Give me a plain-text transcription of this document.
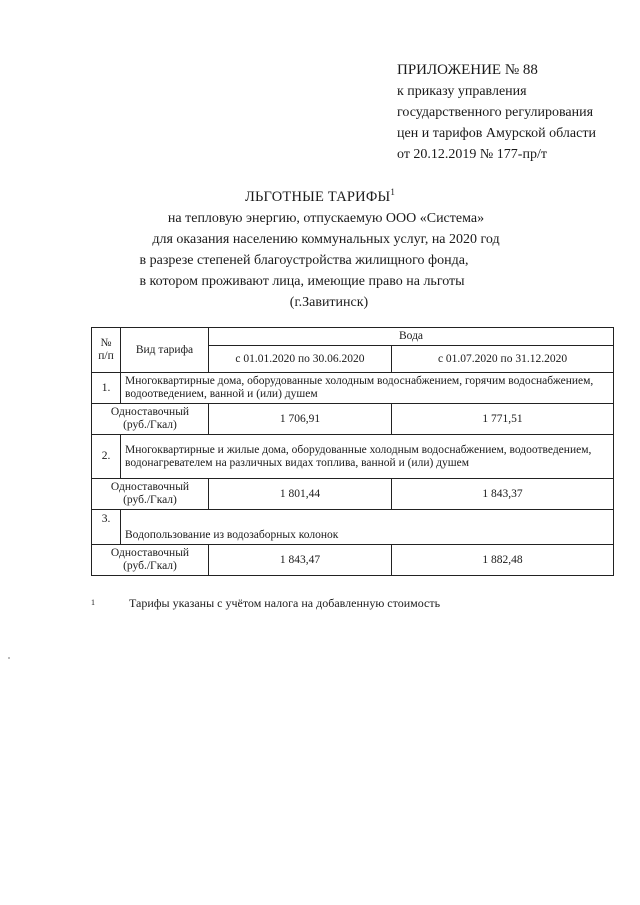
ПРИЛОЖЕНИЕ № 88
к приказу управления
государственного регулирования
цен и тарифов Амурской области
от 20.12.2019 № 177-пр/т
ЛЬГОТНЫЕ ТАРИФЫ$^1$
на тепловую энергию, отпускаемую ООО «Система»
для оказания населению коммунальных услуг, на 2020 год
в разрезе степеней благоустройства жилищного фонда,
в котором проживают лица, имеющие право на льготы
(г.Завитинск)
№ п/п	Вид тарифа	Вода	
		с 01.01.2020 по 30.06.2020	с 01.07.2020 по 31.12.2020
1.	Многоквартирные дома, оборудованные холодным водоснабжением, горячим водоснабжением, водоотведением, ванной и (или) душем		
Одноставочный
(руб./Гкал)		1 706,91	1 771,51
2.	Многоквартирные и жилые дома, оборудованные холодным водоснабжением, водоотведением, водонагревателем на различных видах топлива, ванной и (или) душем		
Одноставочный
(руб./Гкал)		1 801,44	1 843,37
3.	Водопользование из водозаборных колонок		
Одноставочный
(руб./Гкал)		1 843,47	1 882,48
1	Тарифы указаны с учётом налога на добавленную стоимость
